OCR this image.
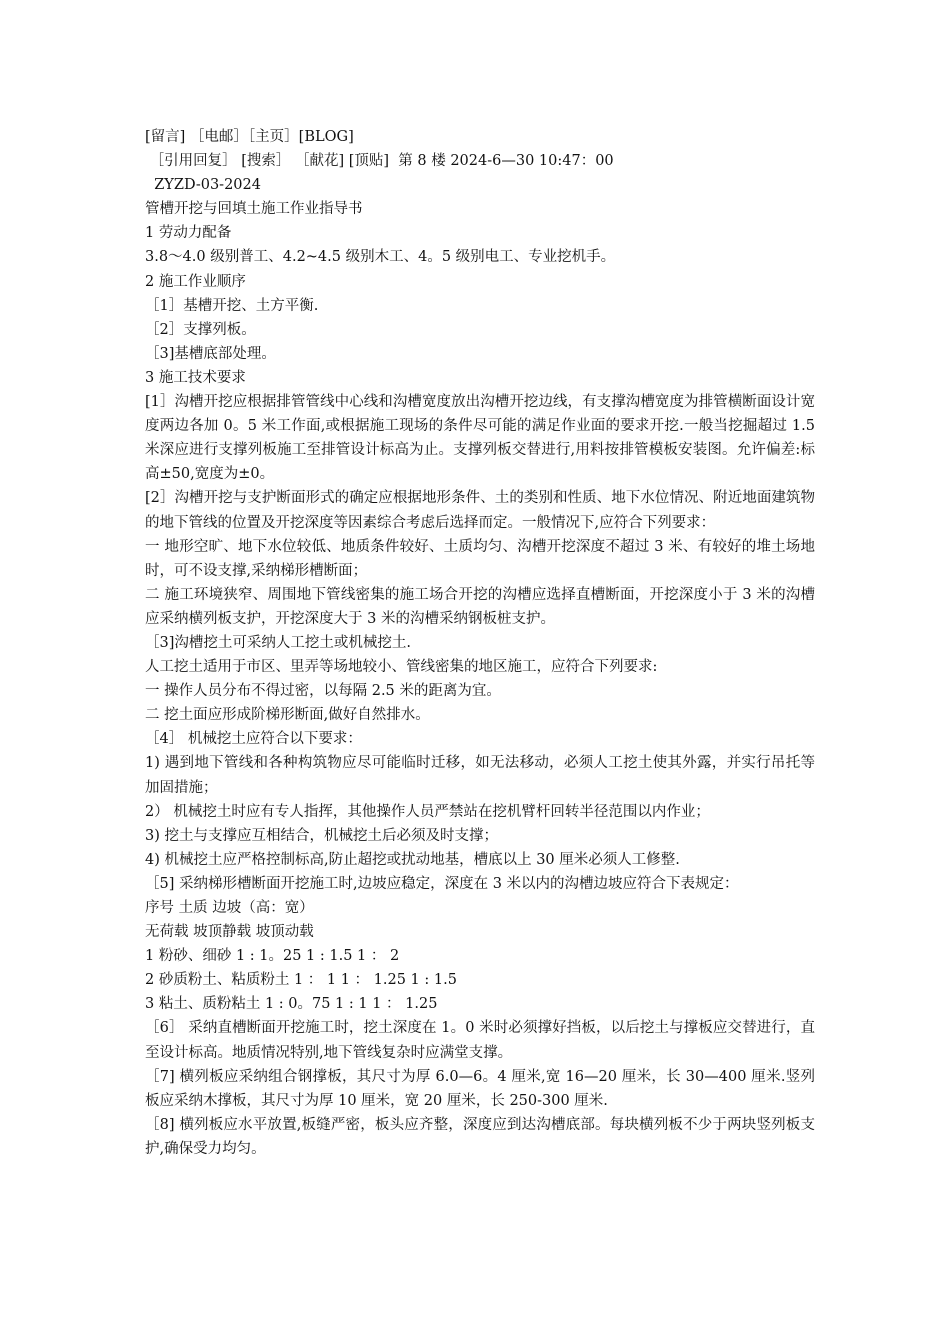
[留言] ［电邮］［主页］[BLOG]
［引用回复］ [搜索］ ［献花] [顶贴]  第 8 楼 2024-6—30 10:47：00
ZYZD-03-2024
管槽开挖与回填土施工作业指导书
1 劳动力配备
3.8～4.0 级别普工、4.2~4.5 级别木工、4。5 级别电工、专业挖机手。
2 施工作业顺序
［1］基槽开挖、土方平衡.
［2］支撑列板。
［3]基槽底部处理。
3 施工技术要求
[1］沟槽开挖应根据排管管线中心线和沟槽宽度放出沟槽开挖边线，有支撑沟槽宽度为排管横断面设计宽度两边各加 0。5 米工作面,或根据施工现场的条件尽可能的满足作业面的要求开挖.一般当挖掘超过 1.5 米深应进行支撑列板施工至排管设计标高为止。支撑列板交替进行,用料按排管模板安装图。允许偏差:标高±50,宽度为±0。
[2］沟槽开挖与支护断面形式的确定应根据地形条件、土的类别和性质、地下水位情况、附近地面建筑物的地下管线的位置及开挖深度等因素综合考虑后选择而定。一般情况下,应符合下列要求：
一 地形空旷、地下水位较低、地质条件较好、土质均匀、沟槽开挖深度不超过 3 米、有较好的堆土场地时，可不设支撑,采纳梯形槽断面；
二 施工环境狭窄、周围地下管线密集的施工场合开挖的沟槽应选择直槽断面，开挖深度小于 3 米的沟槽应采纳横列板支护，开挖深度大于 3 米的沟槽采纳钢板桩支护。
［3]沟槽挖土可采纳人工挖土或机械挖土.
人工挖土适用于市区、里弄等场地较小、管线密集的地区施工，应符合下列要求:
一 操作人员分布不得过密，以每隔 2.5 米的距离为宜。
二 挖土面应形成阶梯形断面,做好自然排水。
［4］ 机械挖土应符合以下要求：
1) 遇到地下管线和各种构筑物应尽可能临时迁移，如无法移动，必须人工挖土使其外露，并实行吊托等加固措施；
2） 机械挖土时应有专人指挥，其他操作人员严禁站在挖机臂杆回转半径范围以内作业；
3) 挖土与支撑应互相结合，机械挖土后必须及时支撑；
4) 机械挖土应严格控制标高,防止超挖或扰动地基，槽底以上 30 厘米必须人工修整.
［5] 采纳梯形槽断面开挖施工时,边坡应稳定，深度在 3 米以内的沟槽边坡应符合下表规定：
序号 土质 边坡（高：宽）
无荷载 坡顶静载 坡顶动载
1 粉砂、细砂 1 : 1。25 1 : 1.5 1 ： 2
2 砂质粉土、粘质粉土 1 ： 1 1 ： 1.25 1 : 1.5
3 粘土、质粉粘土 1 : 0。75 1 : 1 1 ： 1.25
［6］ 采纳直槽断面开挖施工时，挖土深度在 1。0 米时必须撑好挡板，以后挖土与撑板应交替进行，直至设计标高。地质情况特别,地下管线复杂时应满堂支撑。
［7] 横列板应采纳组合钢撑板，其尺寸为厚 6.0—6。4 厘米,宽 16—20 厘米，长 30—400 厘米.竖列板应采纳木撑板，其尺寸为厚 10 厘米，宽 20 厘米，长 250-300 厘米.
［8] 横列板应水平放置,板缝严密，板头应齐整，深度应到达沟槽底部。每块横列板不少于两块竖列板支护,确保受力均匀。
